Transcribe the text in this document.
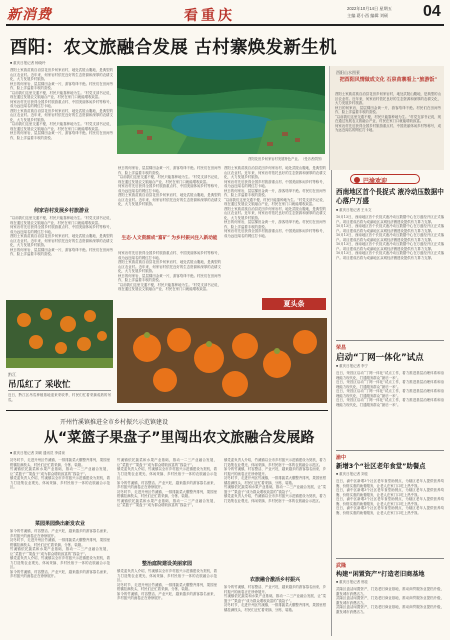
新消费	看重庆	2022年10月14日 星期五
主编 葛小西 编辑 刘硕 04
酉阳：农文旅融合发展 古村寨焕发新生机
■ 重庆日报记者 杨晓玲
酉阳花田乡何家岩村发展特色产业。（受访者供图）
酉阳山水图景
把酉阳风情做成文化 石泉苗寨看上“旅游饭”
酉阳土家族苗族自治县花田乡何家岩村，地处武陵山腹地，是典型的山区农业村。近年来，何家岩村依托良好的生态资源和深厚的农耕文化，大力发展乡村旅游。
秋日的何家岩，层层梯田金黄一片，游客络绎不绝。村民们在田间劳作，脸上洋溢着丰收的喜悦。
“以前我们这里交通不便，村民只能靠种地为生。”村党支部书记说，现在通过发展农文旅融合产业，村民在家门口就能增收致富。
何家岩村先后获得全国乡村旅游重点村、中国美丽休闲乡村等称号，成为远近闻名的网红打卡地。
酉阳土家族苗族自治县花田乡何家岩村，地处武陵山腹地，是典型的山区农业村。近年来，何家岩村依托良好的生态资源和深厚的农耕文化，大力发展乡村旅游。
秋日的何家岩，层层梯田金黄一片，游客络绎不绝。村民们在田间劳作，脸上洋溢着丰收的喜悦。
“以前我们这里交通不便，村民只能靠种地为生。”村党支部书记说，现在通过发展农文旅融合产业，村民在家门口就能增收致富。
何家岩村先后获得全国乡村旅游重点村、中国美丽休闲乡村等称号，成为远近闻名的网红打卡地。
酉阳土家族苗族自治县花田乡何家岩村，地处武陵山腹地，是典型的山区农业村。近年来，何家岩村依托良好的生态资源和深厚的农耕文化，大力发展乡村旅游。
“以前我们这里交通不便，村民只能靠种地为生。”村党支部书记说，现在通过发展农文旅融合产业，村民在家门口就能增收致富。
秋日的何家岩，层层梯田金黄一片，游客络绎不绝。村民们在田间劳作，脸上洋溢着丰收的喜悦。
何家岩村发展乡村旅游业
“以前我们这里交通不便，村民只能靠种地为生。”村党支部书记说，现在通过发展农文旅融合产业，村民在家门口就能增收致富。
何家岩村先后获得全国乡村旅游重点村、中国美丽休闲乡村等称号，成为远近闻名的网红打卡地。
酉阳土家族苗族自治县花田乡何家岩村，地处武陵山腹地，是典型的山区农业村。近年来，何家岩村依托良好的生态资源和深厚的农耕文化，大力发展乡村旅游。
秋日的何家岩，层层梯田金黄一片，游客络绎不绝。村民们在田间劳作，脸上洋溢着丰收的喜悦。
秋日的何家岩，层层梯田金黄一片，游客络绎不绝。村民们在田间劳作，脸上洋溢着丰收的喜悦。
“以前我们这里交通不便，村民只能靠种地为生。”村党支部书记说，现在通过发展农文旅融合产业，村民在家门口就能增收致富。
何家岩村先后获得全国乡村旅游重点村、中国美丽休闲乡村等称号，成为远近闻名的网红打卡地。
酉阳土家族苗族自治县花田乡何家岩村，地处武陵山腹地，是典型的山区农业村。近年来，何家岩村依托良好的生态资源和深厚的农耕文化，大力发展乡村旅游。
生态·人文资源成“富矿” 为乡村振兴注入新动能
何家岩村先后获得全国乡村旅游重点村、中国美丽休闲乡村等称号，成为远近闻名的网红打卡地。
酉阳土家族苗族自治县花田乡何家岩村，地处武陵山腹地，是典型的山区农业村。近年来，何家岩村依托良好的生态资源和深厚的农耕文化，大力发展乡村旅游。
秋日的何家岩，层层梯田金黄一片，游客络绎不绝。村民们在田间劳作，脸上洋溢着丰收的喜悦。
“以前我们这里交通不便，村民只能靠种地为生。”村党支部书记说，现在通过发展农文旅融合产业，村民在家门口就能增收致富。
酉阳土家族苗族自治县花田乡何家岩村，地处武陵山腹地，是典型的山区农业村。近年来，何家岩村依托良好的生态资源和深厚的农耕文化，大力发展乡村旅游。
何家岩村先后获得全国乡村旅游重点村、中国美丽休闲乡村等称号，成为远近闻名的网红打卡地。
秋日的何家岩，层层梯田金黄一片，游客络绎不绝。村民们在田间劳作，脸上洋溢着丰收的喜悦。
“以前我们这里交通不便，村民只能靠种地为生。”村党支部书记说，现在通过发展农文旅融合产业，村民在家门口就能增收致富。
酉阳土家族苗族自治县花田乡何家岩村，地处武陵山腹地，是典型的山区农业村。近年来，何家岩村依托良好的生态资源和深厚的农耕文化，大力发展乡村旅游。
秋日的何家岩，层层梯田金黄一片，游客络绎不绝。村民们在田间劳作，脸上洋溢着丰收的喜悦。
何家岩村先后获得全国乡村旅游重点村、中国美丽休闲乡村等称号，成为远近闻名的网红打卡地。
夏头条
黔江
吊瓜红了 采收忙
近日，黔江区吊瓜种植基地迎来采收季，村民们忙着采摘成熟的吊瓜。
开州竹溪镇推进全市乡村振兴示范镇建设
从“菜篮子果盘子”里闯出农文旅融合发展路
■ 重庆日报记者 刘硕 通讯员 李清泉
初冬时节，走进开州区竹溪镇，一排排蔬菜大棚整齐排列，果园里柑橘挂满枝头，村民们正忙着采摘、分拣、装箱。
竹溪镇依托蔬菜和水果产业基础，推动一二三产业融合发展，让“菜篮子”“果盘子”成为群众增收致富的“钱袋子”。
镇党委负责人介绍，竹溪镇以全市乡村振兴示范镇建设为契机，着力打造集农业观光、休闲采摘、乡村民宿于一体的农旅融合示范区。
菜园果园焕出新发农业
如今的竹溪镇，村容整洁、产业兴旺，越来越多的游客慕名而来，乡村振兴的画卷正在徐徐展开。
初冬时节，走进开州区竹溪镇，一排排蔬菜大棚整齐排列，果园里柑橘挂满枝头，村民们正忙着采摘、分拣、装箱。
竹溪镇依托蔬菜和水果产业基础，推动一二三产业融合发展，让“菜篮子”“果盘子”成为群众增收致富的“钱袋子”。
镇党委负责人介绍，竹溪镇以全市乡村振兴示范镇建设为契机，着力打造集农业观光、休闲采摘、乡村民宿于一体的农旅融合示范区。
如今的竹溪镇，村容整洁、产业兴旺，越来越多的游客慕名而来，乡村振兴的画卷正在徐徐展开。
竹溪镇依托蔬菜和水果产业基础，推动一二三产业融合发展，让“菜篮子”“果盘子”成为群众增收致富的“钱袋子”。
镇党委负责人介绍，竹溪镇以全市乡村振兴示范镇建设为契机，着力打造集农业观光、休闲采摘、乡村民宿于一体的农旅融合示范区。
如今的竹溪镇，村容整洁、产业兴旺，越来越多的游客慕名而来，乡村振兴的画卷正在徐徐展开。
初冬时节，走进开州区竹溪镇，一排排蔬菜大棚整齐排列，果园里柑橘挂满枝头，村民们正忙着采摘、分拣、装箱。
竹溪镇依托蔬菜和水果产业基础，推动一二三产业融合发展，让“菜篮子”“果盘子”成为群众增收致富的“钱袋子”。
整治庭院建设美丽家园
镇党委负责人介绍，竹溪镇以全市乡村振兴示范镇建设为契机，着力打造集农业观光、休闲采摘、乡村民宿于一体的农旅融合示范区。
初冬时节，走进开州区竹溪镇，一排排蔬菜大棚整齐排列，果园里柑橘挂满枝头，村民们正忙着采摘、分拣、装箱。
如今的竹溪镇，村容整洁、产业兴旺，越来越多的游客慕名而来，乡村振兴的画卷正在徐徐展开。
镇党委负责人介绍，竹溪镇以全市乡村振兴示范镇建设为契机，着力打造集农业观光、休闲采摘、乡村民宿于一体的农旅融合示范区。
如今的竹溪镇，村容整洁、产业兴旺，越来越多的游客慕名而来，乡村振兴的画卷正在徐徐展开。
初冬时节，走进开州区竹溪镇，一排排蔬菜大棚整齐排列，果园里柑橘挂满枝头，村民们正忙着采摘、分拣、装箱。
竹溪镇依托蔬菜和水果产业基础，推动一二三产业融合发展，让“菜篮子”“果盘子”成为群众增收致富的“钱袋子”。
镇党委负责人介绍，竹溪镇以全市乡村振兴示范镇建设为契机，着力打造集农业观光、休闲采摘、乡村民宿于一体的农旅融合示范区。
农旅融合激活乡村振兴
如今的竹溪镇，村容整洁、产业兴旺，越来越多的游客慕名而来，乡村振兴的画卷正在徐徐展开。
竹溪镇依托蔬菜和水果产业基础，推动一二三产业融合发展，让“菜篮子”“果盘子”成为群众增收致富的“钱袋子”。
初冬时节，走进开州区竹溪镇，一排排蔬菜大棚整齐排列，果园里柑橘挂满枝头，村民们正忙着采摘、分拣、装箱。
巴渝欢迎
西南地区首个長捉式 液冷动压数据中心落户万盛
■ 重庆日报记者 王永文
10月13日，西南地区首个长捉式液冷动压数据中心在万盛经开区正式落户。项目建成后将为成渝地区双城经济圈建设提供有力算力支撑。
10月13日，西南地区首个长捉式液冷动压数据中心在万盛经开区正式落户。项目建成后将为成渝地区双城经济圈建设提供有力算力支撑。
10月13日，西南地区首个长捉式液冷动压数据中心在万盛经开区正式落户。项目建成后将为成渝地区双城经济圈建设提供有力算力支撑。
10月13日，西南地区首个长捉式液冷动压数据中心在万盛经开区正式落户。项目建成后将为成渝地区双城经济圈建设提供有力算力支撑。
10月13日，西南地区首个长捉式液冷动压数据中心在万盛经开区正式落户。项目建成后将为成渝地区双城经济圈建设提供有力算力支撑。
荣昌
启动“丁网一体化”试点
■ 重庆日报记者 李宁
近日，荣昌区启动“丁网一体化”试点工作，着力推进基层治理体系和治理能力现代化，打通服务群众“最后一米”。
近日，荣昌区启动“丁网一体化”试点工作，着力推进基层治理体系和治理能力现代化，打通服务群众“最后一米”。
近日，荣昌区启动“丁网一体化”试点工作，着力推进基层治理体系和治理能力现代化，打通服务群众“最后一米”。
近日，荣昌区启动“丁网一体化”试点工作，着力推进基层治理体系和治理能力现代化，打通服务群众“最后一米”。
渝中
新增3个“社区老年食堂”助餐点
■ 重庆日报记者 刘佳
近日，渝中区新增3个社区老年食堂助餐点，为辖区老年人提供营养均衡、价格实惠的助餐服务，让老人在家门口吃上热乎饭。
近日，渝中区新增3个社区老年食堂助餐点，为辖区老年人提供营养均衡、价格实惠的助餐服务，让老人在家门口吃上热乎饭。
近日，渝中区新增3个社区老年食堂助餐点，为辖区老年人提供营养均衡、价格实惠的助餐服务，让老人在家门口吃上热乎饭。
近日，渝中区新增3个社区老年食堂助餐点，为辖区老年人提供营养均衡、价格实惠的助餐服务，让老人在家门口吃上热乎饭。
武隆
构建“闲置资产”打造老旧商基地
■ 重庆日报记者 邢佳
武隆区盘活闲置资产，打造老旧商业基地，推动商贸服务业提档升级，激发城市消费活力。
武隆区盘活闲置资产，打造老旧商业基地，推动商贸服务业提档升级，激发城市消费活力。
武隆区盘活闲置资产，打造老旧商业基地，推动商贸服务业提档升级，激发城市消费活力。
